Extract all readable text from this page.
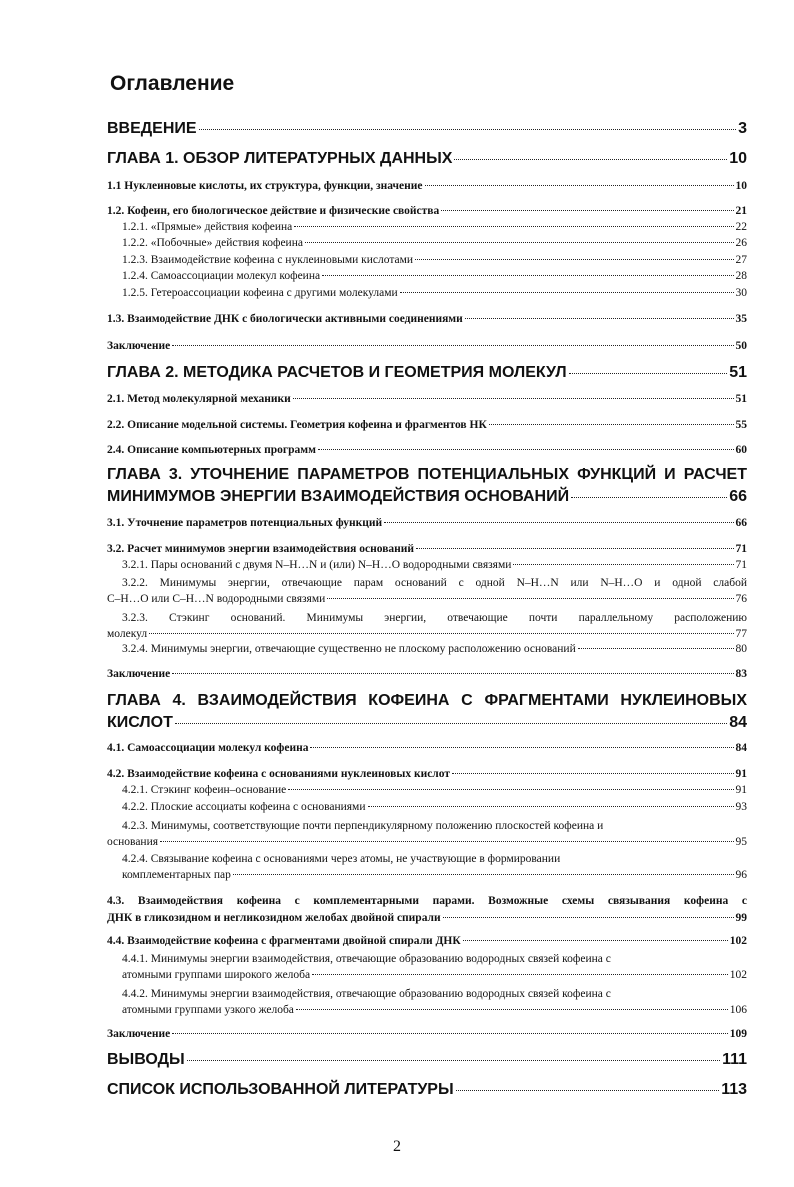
Оглавление
ВВЕДЕНИЕ	3
ГЛАВА 1. ОБЗОР ЛИТЕРАТУРНЫХ ДАННЫХ	10
1.1 Нуклеиновые кислоты, их структура, функции, значение	10
1.2. Кофеин, его биологическое действие и физические свойства	21
1.2.1. «Прямые» действия кофеина	22
1.2.2. «Побочные» действия кофеина	26
1.2.3. Взаимодействие кофеина с нуклеиновыми кислотами	27
1.2.4. Самоассоциации молекул кофеина	28
1.2.5. Гетероассоциации кофеина с другими молекулами	30
1.3. Взаимодействие ДНК с биологически активными соединениями	35
Заключение	50
ГЛАВА 2. МЕТОДИКА РАСЧЕТОВ И ГЕОМЕТРИЯ МОЛЕКУЛ	51
2.1. Метод молекулярной механики	51
2.2. Описание модельной системы. Геометрия кофеина и фрагментов НК	55
2.4. Описание компьютерных программ	60
ГЛАВА 3. УТОЧНЕНИЕ ПАРАМЕТРОВ ПОТЕНЦИАЛЬНЫХ ФУНКЦИЙ И РАСЧЕТ
МИНИМУМОВ ЭНЕРГИИ ВЗАИМОДЕЙСТВИЯ ОСНОВАНИЙ	66
3.1. Уточнение параметров потенциальных функций	66
3.2. Расчет минимумов энергии взаимодействия оснований	71
3.2.1. Пары оснований с двумя N–H…N и (или) N–H…O водородными связями	71
3.2.2. Минимумы энергии, отвечающие парам оснований с одной N–H…N или N–H…O и одной слабой
C–H…O или C–H…N водородными связями	76
3.2.3. Стэкинг оснований. Минимумы энергии, отвечающие почти параллельному расположению
молекул	77
3.2.4. Минимумы энергии, отвечающие существенно не плоскому расположению оснований	80
Заключение	83
ГЛАВА 4. ВЗАИМОДЕЙСТВИЯ КОФЕИНА С ФРАГМЕНТАМИ НУКЛЕИНОВЫХ
КИСЛОТ	84
4.1. Самоассоциации молекул кофеина	84
4.2. Взаимодействие кофеина с основаниями нуклеиновых кислот	91
4.2.1. Стэкинг кофеин–основание	91
4.2.2. Плоские ассоциаты кофеина с основаниями	93
4.2.3. Минимумы, соответствующие почти перпендикулярному положению плоскостей кофеина и
основания	95
4.2.4. Связывание кофеина с основаниями через атомы, не участвующие в формировании
комплементарных пар	96
4.3. Взаимодействия кофеина с комплементарными парами. Возможные схемы связывания кофеина с
ДНК в гликозидном и негликозидном желобах двойной спирали	99
4.4. Взаимодействие кофеина с фрагментами двойной спирали ДНК	102
4.4.1. Минимумы энергии взаимодействия, отвечающие образованию водородных связей кофеина с
атомными группами широкого желоба	102
4.4.2. Минимумы энергии взаимодействия, отвечающие образованию водородных связей кофеина с
атомными группами узкого желоба	106
Заключение	109
ВЫВОДЫ	111
СПИСОК ИСПОЛЬЗОВАННОЙ ЛИТЕРАТУРЫ	113
2
